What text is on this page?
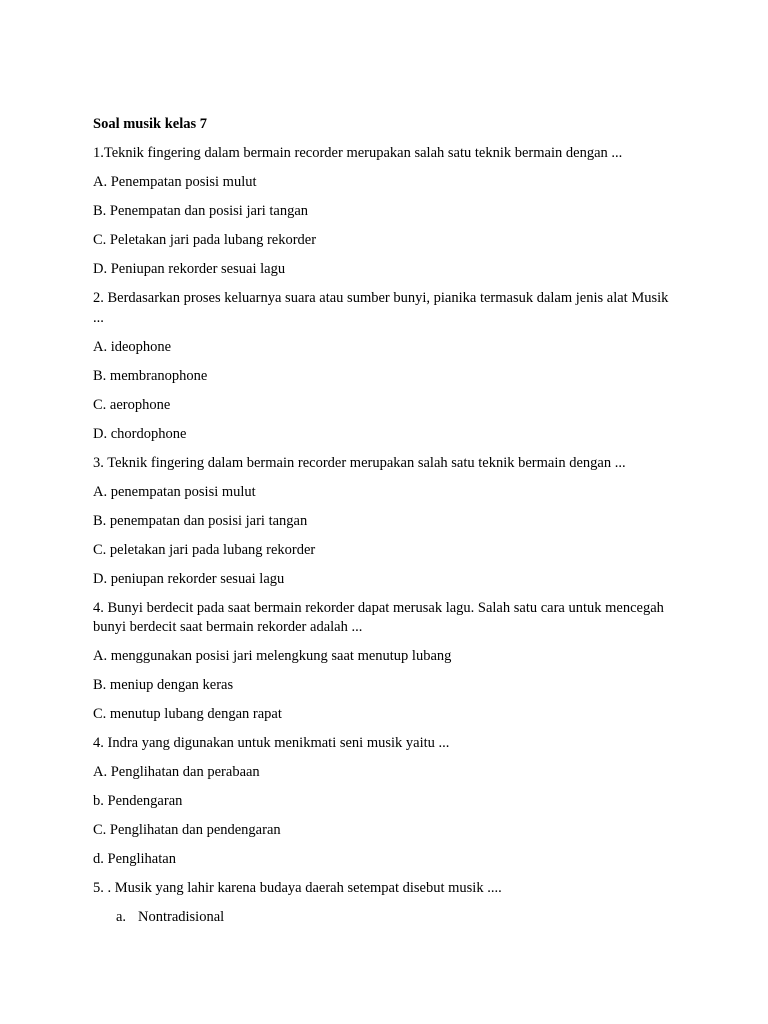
Soal musik kelas 7

1.Teknik fingering dalam bermain recorder merupakan salah satu teknik bermain dengan ...

A. Penempatan posisi mulut

B. Penempatan dan posisi jari tangan

C. Peletakan jari pada lubang rekorder

D. Peniupan rekorder sesuai lagu

2. Berdasarkan proses keluarnya suara atau sumber bunyi, pianika termasuk dalam jenis alat Musik ...

A. ideophone

B. membranophone

C. aerophone

D. chordophone

3. Teknik fingering dalam bermain recorder merupakan salah satu teknik bermain dengan ...

A. penempatan posisi mulut

B. penempatan dan posisi jari tangan

C. peletakan jari pada lubang rekorder

D. peniupan rekorder sesuai lagu

4. Bunyi berdecit pada saat bermain rekorder dapat merusak lagu. Salah satu cara untuk mencegah bunyi berdecit saat bermain rekorder adalah ...

A. menggunakan posisi jari melengkung saat menutup lubang

B. meniup dengan keras

C. menutup lubang dengan rapat

4. Indra yang digunakan untuk menikmati seni musik yaitu ...

A. Penglihatan dan perabaan

b. Pendengaran

C. Penglihatan dan pendengaran

d. Penglihatan

5. . Musik yang lahir karena budaya daerah setempat disebut musik ....

a. Nontradisional
